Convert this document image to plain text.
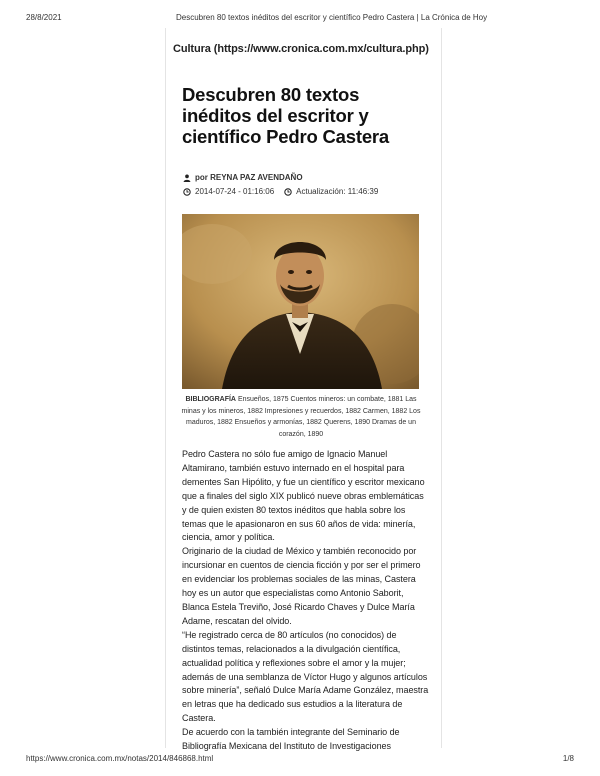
28/8/2021	Descubren 80 textos inéditos del escritor y científico Pedro Castera | La Crónica de Hoy
Cultura (https://www.cronica.com.mx/cultura.php)
Descubren 80 textos inéditos del escritor y científico Pedro Castera
por REYNA PAZ AVENDAÑO
2014-07-24 - 01:16:06	Actualización: 11:46:39
BIBLIOGRAFÍA Ensueños, 1875 Cuentos mineros: un combate, 1881 Las minas y los mineros, 1882 Impresiones y recuerdos, 1882 Carmen, 1882 Los maduros, 1882 Ensueños y armonías, 1882 Querens, 1890 Dramas de un corazón, 1890

Pedro Castera no sólo fue amigo de Ignacio Manuel Altamirano, también estuvo internado en el hospital para dementes San Hipólito, y fue un científico y escritor mexicano que a finales del siglo XIX publicó nueve obras emblemáticas y de quien existen 80 textos inéditos que habla sobre los temas que le apasionaron en sus 60 años de vida: minería, ciencia, amor y política.

Originario de la ciudad de México y también reconocido por incursionar en cuentos de ciencia ficción y por ser el primero en evidenciar los problemas sociales de las minas, Castera hoy es un autor que especialistas como Antonio Saborit, Blanca Estela Treviño, José Ricardo Chaves y Dulce María Adame, rescatan del olvido.

“He registrado cerca de 80 artículos (no conocidos) de distintos temas, relacionados a la divulgación científica, actualidad política y reflexiones sobre el amor y la mujer; además de una semblanza de Víctor Hugo y algunos artículos sobre minería”, señaló Dulce María Adame González, maestra en letras que ha dedicado sus estudios a la literatura de Castera.

De acuerdo con la también integrante del Seminario de Bibliografía Mexicana del Instituto de Investigaciones

https://www.cronica.com.mx/notas/2014/846868.html	1/8
